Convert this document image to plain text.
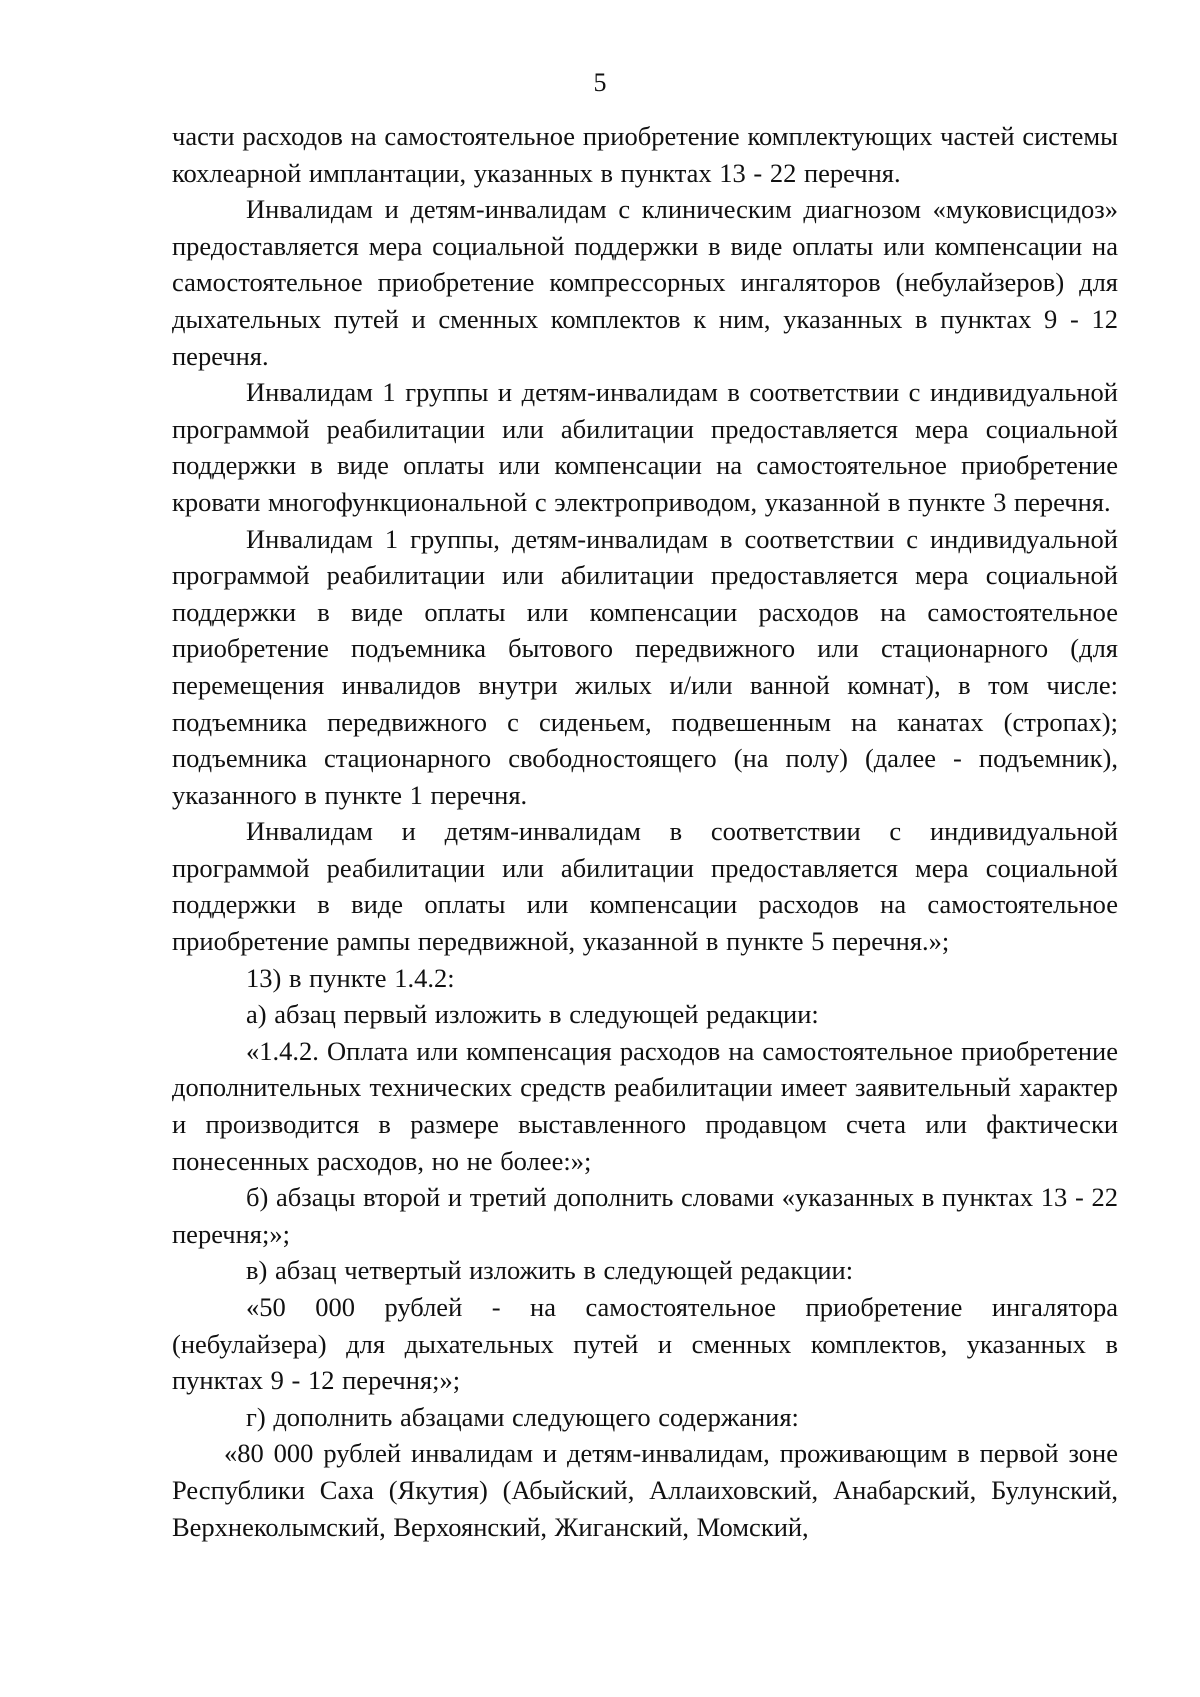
5

части расходов на самостоятельное приобретение комплектующих частей системы кохлеарной имплантации, указанных в пунктах 13 - 22 перечня.

Инвалидам и детям-инвалидам с клиническим диагнозом «муковисцидоз» предоставляется мера социальной поддержки в виде оплаты или компенсации на самостоятельное приобретение компрессорных ингаляторов (небулайзеров) для дыхательных путей и сменных комплектов к ним, указанных в пунктах 9 - 12 перечня.

Инвалидам 1 группы и детям-инвалидам в соответствии с индивидуальной программой реабилитации или абилитации предоставляется мера социальной поддержки в виде оплаты или компенсации на самостоятельное приобретение кровати многофункциональной с электроприводом, указанной в пункте 3 перечня.

Инвалидам 1 группы, детям-инвалидам в соответствии с индивидуальной программой реабилитации или абилитации предоставляется мера социальной поддержки в виде оплаты или компенсации расходов на самостоятельное приобретение подъемника бытового передвижного или стационарного (для перемещения инвалидов внутри жилых и/или ванной комнат), в том числе: подъемника передвижного с сиденьем, подвешенным на канатах (стропах); подъемника стационарного свободностоящего (на полу) (далее - подъемник), указанного в пункте 1 перечня.

Инвалидам и детям-инвалидам в соответствии с индивидуальной программой реабилитации или абилитации предоставляется мера социальной поддержки в виде оплаты или компенсации расходов на самостоятельное приобретение рампы передвижной, указанной в пункте 5 перечня.»;

13) в пункте 1.4.2:

а) абзац первый изложить в следующей редакции:

«1.4.2. Оплата или компенсация расходов на самостоятельное приобретение дополнительных технических средств реабилитации имеет заявительный характер и производится в размере выставленного продавцом счета или фактически понесенных расходов, но не более:»;

б) абзацы второй и третий дополнить словами «указанных в пунктах 13 - 22 перечня;»;

в) абзац четвертый изложить в следующей редакции:

«50 000 рублей - на самостоятельное приобретение ингалятора (небулайзера) для дыхательных путей и сменных комплектов, указанных в пунктах 9 - 12 перечня;»;

г) дополнить абзацами следующего содержания:

«80 000 рублей инвалидам и детям-инвалидам, проживающим в первой зоне Республики Саха (Якутия) (Абыйский, Аллаиховский, Анабарский, Булунский, Верхнеколымский, Верхоянский, Жиганский, Момский,
